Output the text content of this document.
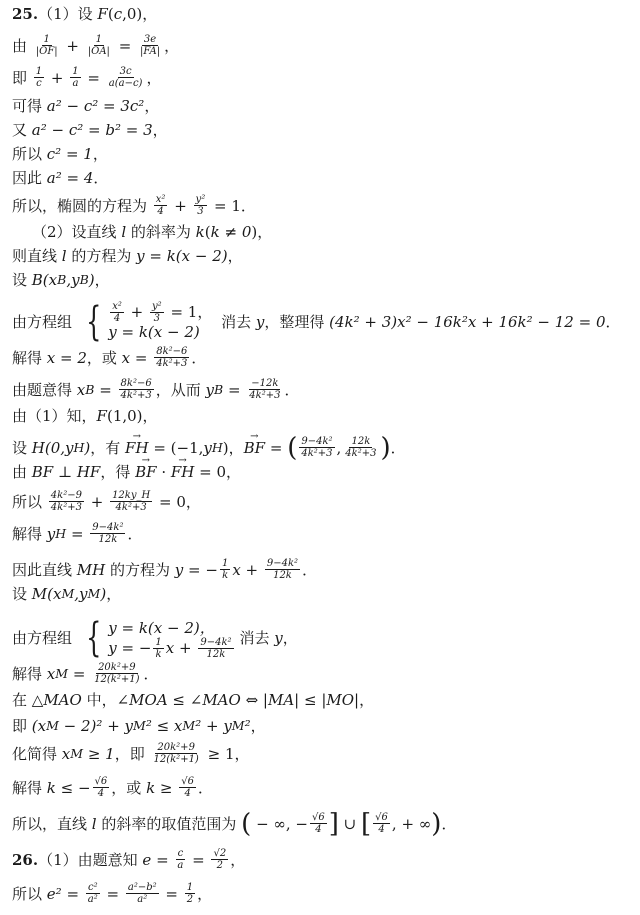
25. （1）设 F ( c ,0)，
由 $\frac{1}{|OF|} + \frac{1}{|OA|} = \frac{3e}{|FA|}$ ，
即 $\frac{1}{c} + \frac{1}{a} = \frac{3c}{a(a-c)}$ ，
可得 a² − c² = 3c² ，
又 a² − c² = b² = 3 ，
所以 c² = 1 ，
因此 a² = 4 ．
所以，椭圆的方程为 $\frac{\text{x²}}{4} + \frac{\text{y²}}{3} = 1$．
（2）设直线 l 的斜率为 k ( k ≠ 0 )，
则直线 l 的方程为 y = k(x − 2) ，
设 B(x B ,y B ) ，
由方程组 { $\frac{\text{x²}}{4} + \frac{\text{y²}}{3} = 1$，
y = k(x − 2)
消去 y ，整理得 (4k² + 3)x² − 16k²x + 16k² − 12 = 0 ．
解得 x = 2 ，或 $x = \frac{\text{8k²−6}}{\text{4k²+3}}$ ．
由题意得 x $B = \frac{\text{8k²−6}}{\text{4k²+3}}$ ，从而 y $B = \frac{-12k}{\text{4k²+3}}$ ．
由（1）知， F (1,0)，
设 H(0,y H ) ，有 → FH = (−1, y H )， → BF = ( $\frac{\text{9−4k²}}{\text{4k²+3}}$ , $\frac{12k}{\text{4k²+3}}$ ) ．
由 BF ⊥ HF ，得 → BF · → FH = 0，
所以 $\frac{\text{4k²−9}}{\text{4k²+3}} + \frac{12ky\_H}{\text{4k²+3}} = 0$，
解得 y $H = \frac{\text{9−4k²}}{12k}$ ．
因此直线 MH 的方程为 y = − $\frac{1}{k}$ $x + \frac{\text{9−4k²}}{12k}$ ．
设 M(x M ,y M ) ，
由方程组 { y = k(x − 2)，
y = − $\frac{1}{k}$ $x + \frac{\text{9−4k²}}{12k}$ 消去 y ，
解得 x $M = \frac{\text{20k²+9}}{\text{12(k²+1)}}$ ．
在 △MAO 中， ∠MOA ≤ ∠MAO ⇔ |MA| ≤ |MO| ，
即 (x M − 2)² + y M ² ≤ x M ² + y M ² ，
化简得 x M ≥ 1 ，即 $\frac{\text{20k²+9}}{\text{12(k²+1)}} \ge 1$，
解得 k ≤ − $\frac{√6}{4}$ ，或 $k \ge \frac{√6}{4}$ ．
所以，直线 l 的斜率的取值范围为 ( − ∞, − $\frac{√6}{4}$ ] ∪ [ $\frac{√6}{4}$ , + ∞ ) ．
26. （1）由题意知 $e = \frac{c}{a} = \frac{√2}{2}$ ，
所以 $e^2 = \frac{\text{c²}}{\text{a²}} = \frac{\text{a²−b²}}{\text{a²}} = \frac{1}{2}$ ，
